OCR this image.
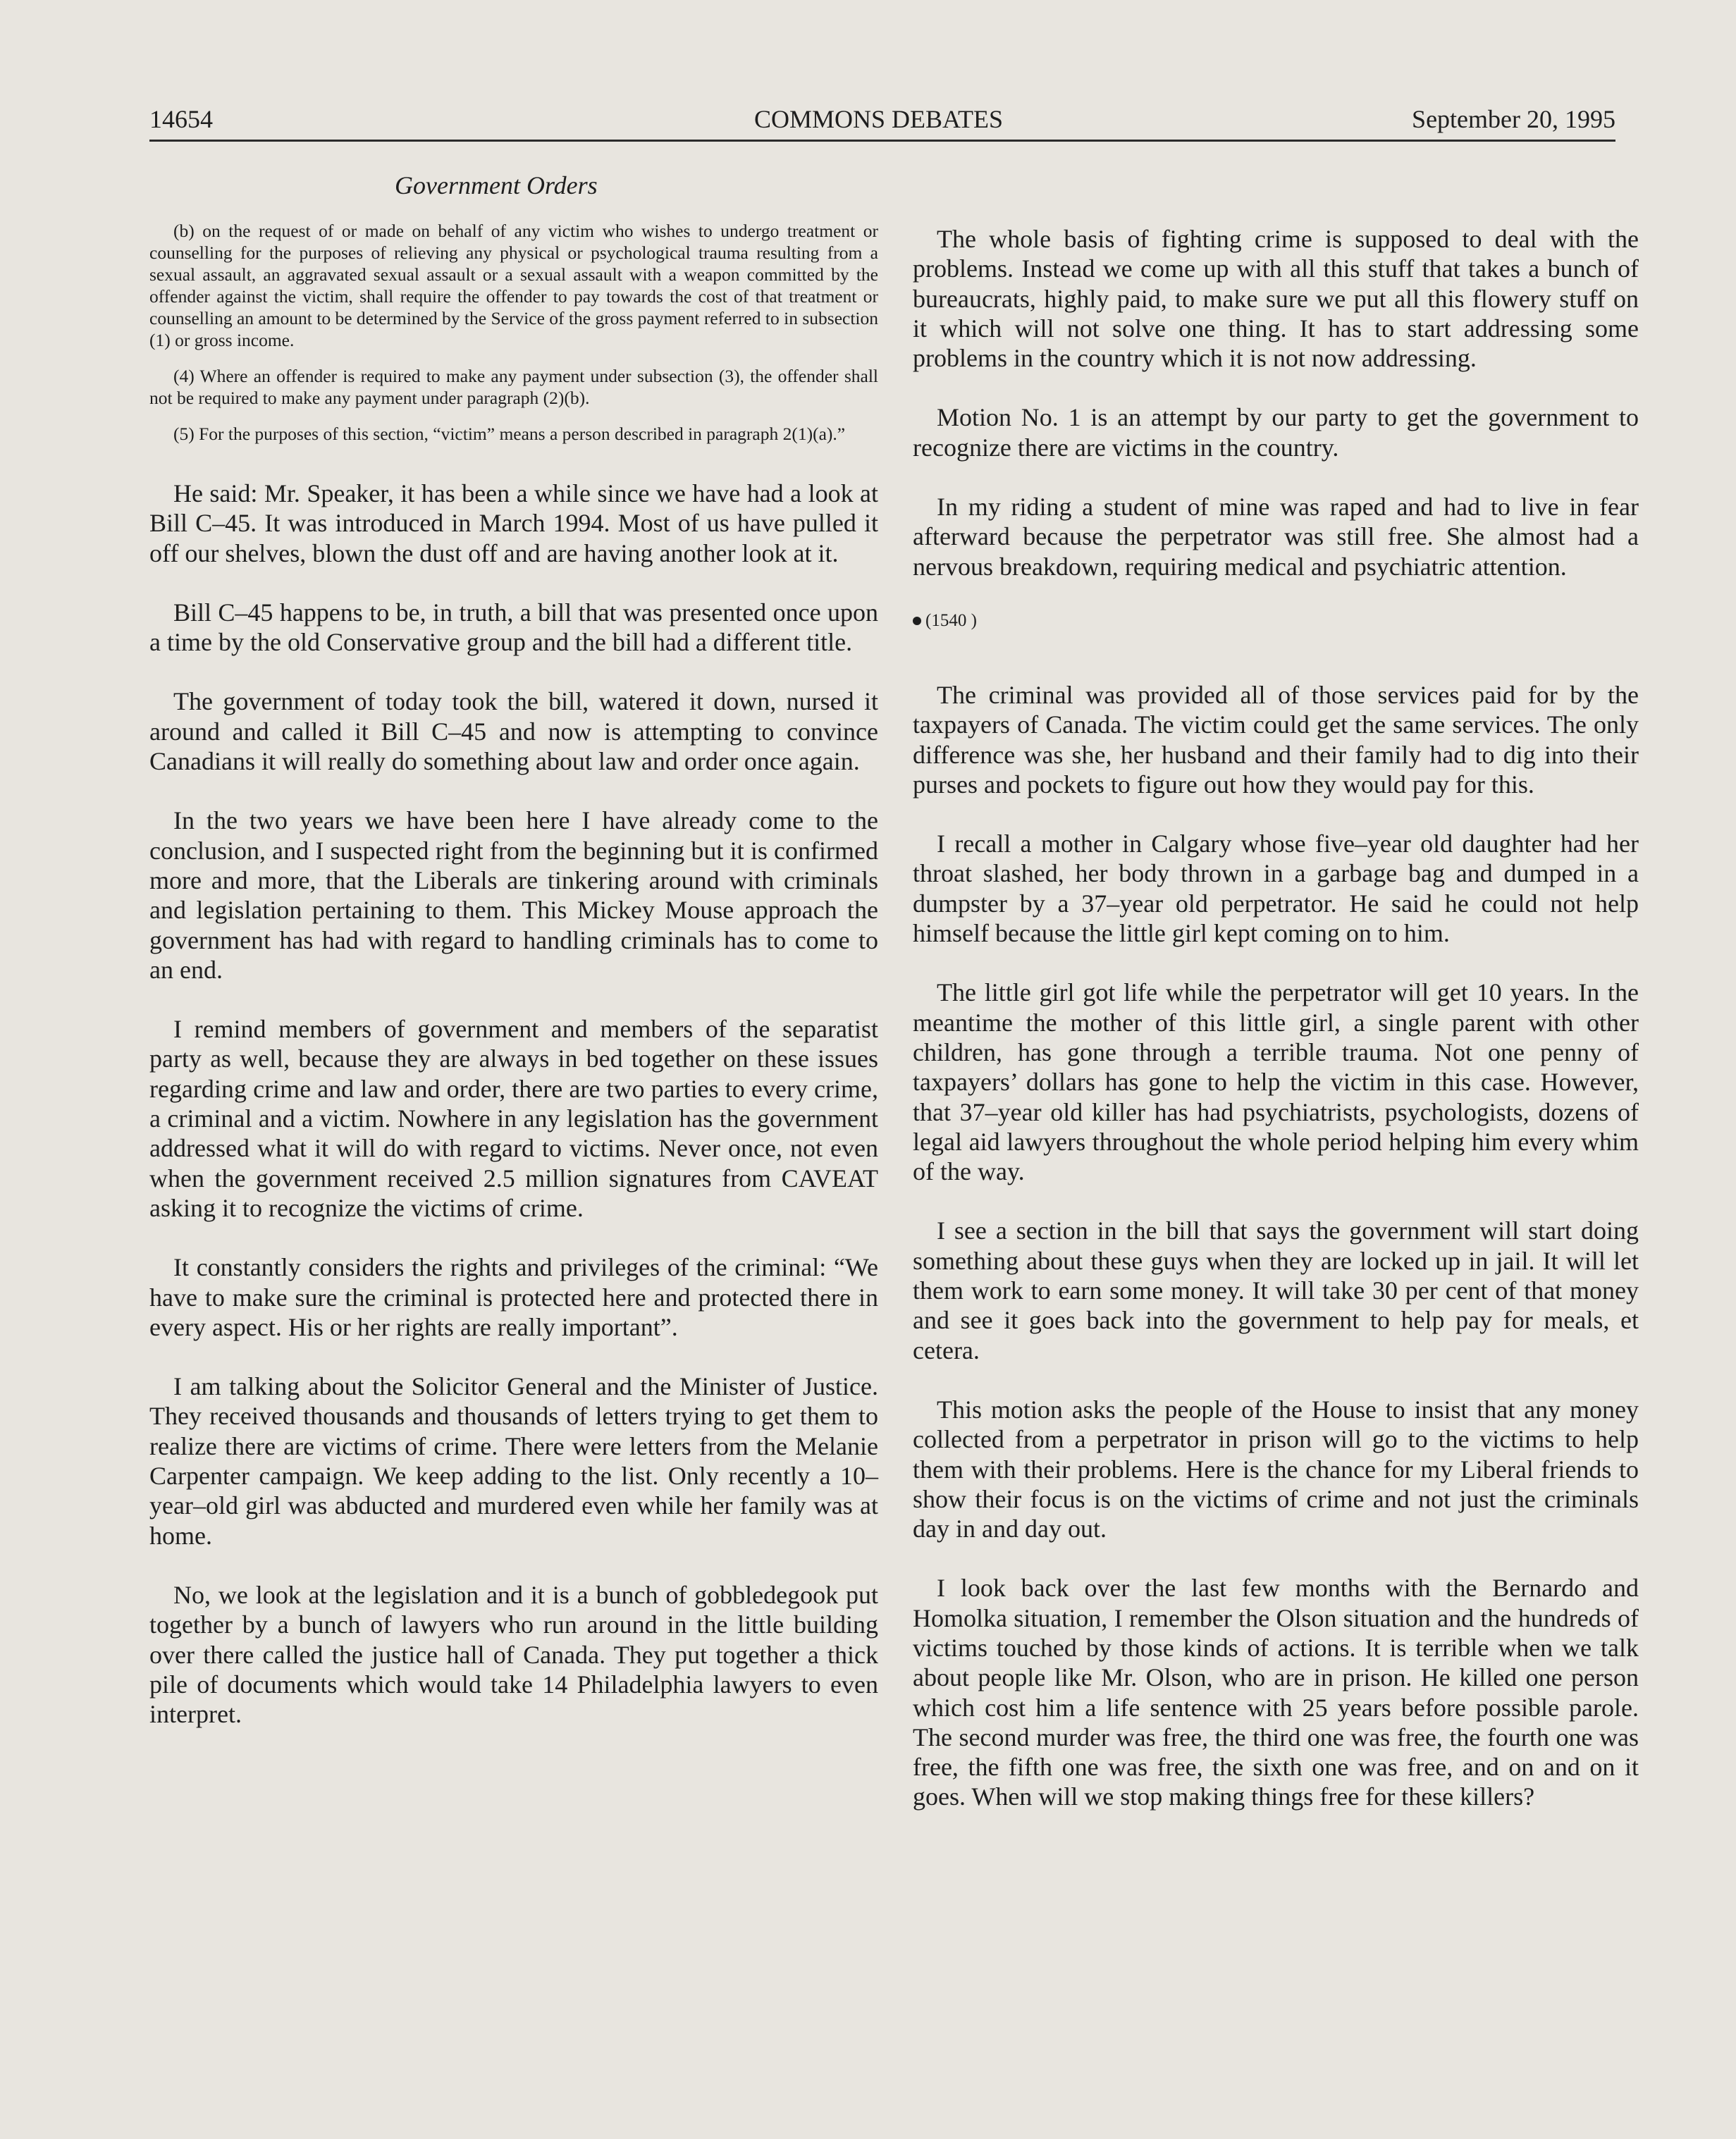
14654	COMMONS DEBATES	September 20, 1995
Government Orders

(b) on the request of or made on behalf of any victim who wishes to undergo treatment or counselling for the purposes of relieving any physical or psychological trauma resulting from a sexual assault, an aggravated sexual assault or a sexual assault with a weapon committed by the offender against the victim, shall require the offender to pay towards the cost of that treatment or counselling an amount to be determined by the Service of the gross payment referred to in subsection (1) or gross income.

(4) Where an offender is required to make any payment under subsection (3), the offender shall not be required to make any payment under paragraph (2)(b).

(5) For the purposes of this section, “victim” means a person described in paragraph 2(1)(a).”

He said: Mr. Speaker, it has been a while since we have had a look at Bill C–45. It was introduced in March 1994. Most of us have pulled it off our shelves, blown the dust off and are having another look at it.

Bill C–45 happens to be, in truth, a bill that was presented once upon a time by the old Conservative group and the bill had a different title.

The government of today took the bill, watered it down, nursed it around and called it Bill C–45 and now is attempting to convince Canadians it will really do something about law and order once again.

In the two years we have been here I have already come to the conclusion, and I suspected right from the beginning but it is confirmed more and more, that the Liberals are tinkering around with criminals and legislation pertaining to them. This Mickey Mouse approach the government has had with regard to handling criminals has to come to an end.

I remind members of government and members of the separatist party as well, because they are always in bed together on these issues regarding crime and law and order, there are two parties to every crime, a criminal and a victim. Nowhere in any legislation has the government addressed what it will do with regard to victims. Never once, not even when the government received 2.5 million signatures from CAVEAT asking it to recognize the victims of crime.

It constantly considers the rights and privileges of the criminal: “We have to make sure the criminal is protected here and protected there in every aspect. His or her rights are really important”.

I am talking about the Solicitor General and the Minister of Justice. They received thousands and thousands of letters trying to get them to realize there are victims of crime. There were letters from the Melanie Carpenter campaign. We keep adding to the list. Only recently a 10–year–old girl was abducted and murdered even while her family was at home.

No, we look at the legislation and it is a bunch of gobbledegook put together by a bunch of lawyers who run around in the little building over there called the justice hall of Canada. They put together a thick pile of documents which would take 14 Philadelphia lawyers to even interpret.

The whole basis of fighting crime is supposed to deal with the problems. Instead we come up with all this stuff that takes a bunch of bureaucrats, highly paid, to make sure we put all this flowery stuff on it which will not solve one thing. It has to start addressing some problems in the country which it is not now addressing.

Motion No. 1 is an attempt by our party to get the government to recognize there are victims in the country.

In my riding a student of mine was raped and had to live in fear afterward because the perpetrator was still free. She almost had a nervous breakdown, requiring medical and psychiatric attention.

(1540 )

The criminal was provided all of those services paid for by the taxpayers of Canada. The victim could get the same services. The only difference was she, her husband and their family had to dig into their purses and pockets to figure out how they would pay for this.

I recall a mother in Calgary whose five–year old daughter had her throat slashed, her body thrown in a garbage bag and dumped in a dumpster by a 37–year old perpetrator. He said he could not help himself because the little girl kept coming on to him.

The little girl got life while the perpetrator will get 10 years. In the meantime the mother of this little girl, a single parent with other children, has gone through a terrible trauma. Not one penny of taxpayers’ dollars has gone to help the victim in this case. However, that 37–year old killer has had psychiatrists, psychologists, dozens of legal aid lawyers throughout the whole period helping him every whim of the way.

I see a section in the bill that says the government will start doing something about these guys when they are locked up in jail. It will let them work to earn some money. It will take 30 per cent of that money and see it goes back into the government to help pay for meals, et cetera.

This motion asks the people of the House to insist that any money collected from a perpetrator in prison will go to the victims to help them with their problems. Here is the chance for my Liberal friends to show their focus is on the victims of crime and not just the criminals day in and day out.

I look back over the last few months with the Bernardo and Homolka situation, I remember the Olson situation and the hundreds of victims touched by those kinds of actions. It is terrible when we talk about people like Mr. Olson, who are in prison. He killed one person which cost him a life sentence with 25 years before possible parole. The second murder was free, the third one was free, the fourth one was free, the fifth one was free, the sixth one was free, and on and on it goes. When will we stop making things free for these killers?
